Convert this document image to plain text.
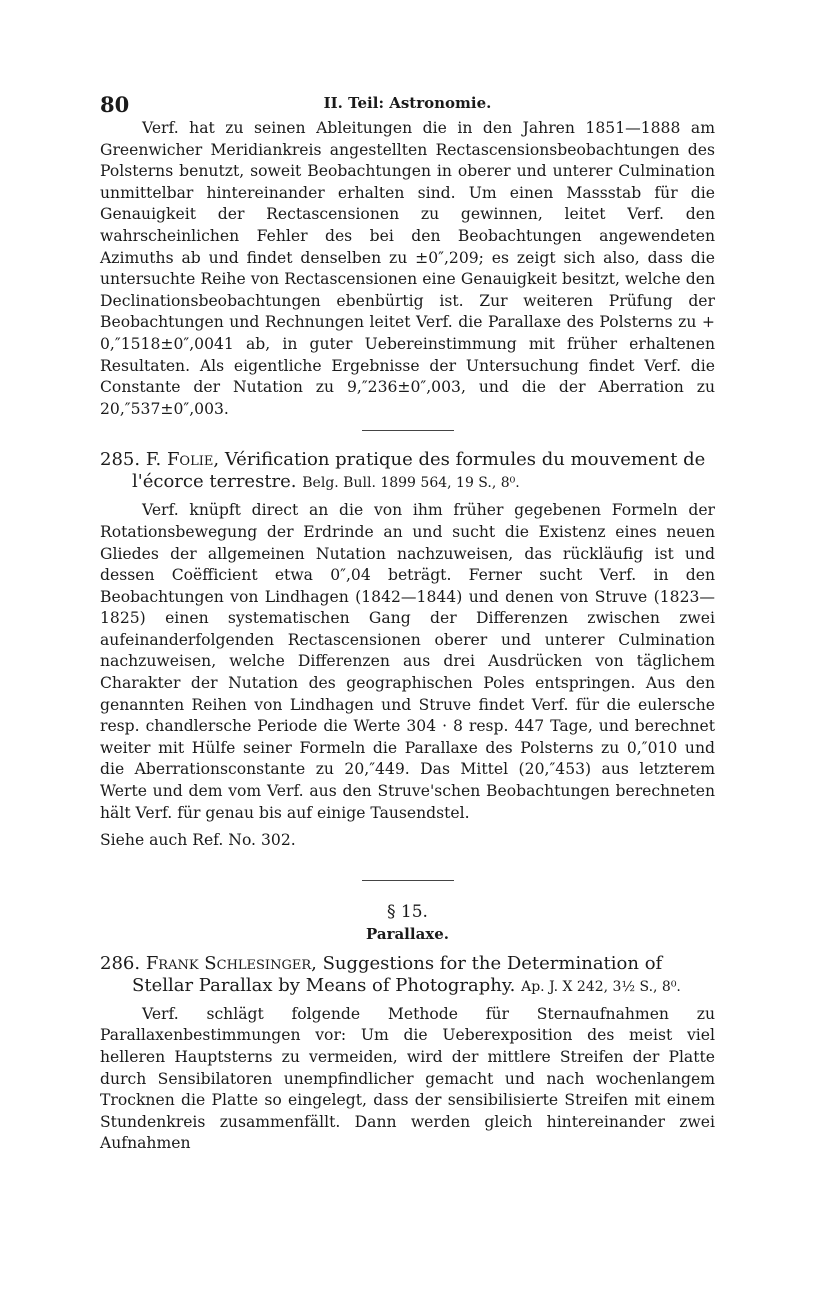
80	II. Teil: Astronomie.

Verf. hat zu seinen Ableitungen die in den Jahren 1851—1888 am Greenwicher Meridiankreis angestellten Rectascensionsbeobachtungen des Polsterns benutzt, soweit Beobachtungen in oberer und unterer Culmination unmittelbar hintereinander erhalten sind. Um einen Massstab für die Genauigkeit der Rectascensionen zu gewinnen, leitet Verf. den wahrscheinlichen Fehler des bei den Beobachtungen angewendeten Azimuths ab und findet denselben zu ±0″,209; es zeigt sich also, dass die untersuchte Reihe von Rectascensionen eine Genauigkeit besitzt, welche den Declinationsbeobachtungen ebenbürtig ist. Zur weiteren Prüfung der Beobachtungen und Rechnungen leitet Verf. die Parallaxe des Polsterns zu + 0,″1518±0″,0041 ab, in guter Uebereinstimmung mit früher erhaltenen Resultaten. Als eigentliche Ergebnisse der Untersuchung findet Verf. die Constante der Nutation zu 9,″236±0″,003, und die der Aberration zu 20,″537±0″,003.

285. F. Folie, Vérification pratique des formules du mouvement de l'écorce terrestre. Belg. Bull. 1899 564, 19 S., 8⁰.

Verf. knüpft direct an die von ihm früher gegebenen Formeln der Rotationsbewegung der Erdrinde an und sucht die Existenz eines neuen Gliedes der allgemeinen Nutation nachzuweisen, das rückläufig ist und dessen Coëfficient etwa 0″,04 beträgt. Ferner sucht Verf. in den Beobachtungen von Lindhagen (1842—1844) und denen von Struve (1823—1825) einen systematischen Gang der Differenzen zwischen zwei aufeinanderfolgenden Rectascensionen oberer und unterer Culmination nachzuweisen, welche Differenzen aus drei Ausdrücken von täglichem Charakter der Nutation des geographischen Poles entspringen. Aus den genannten Reihen von Lindhagen und Struve findet Verf. für die eulersche resp. chandlersche Periode die Werte 304 · 8 resp. 447 Tage, und berechnet weiter mit Hülfe seiner Formeln die Parallaxe des Polsterns zu 0,″010 und die Aberrationsconstante zu 20,″449. Das Mittel (20,″453) aus letzterem Werte und dem vom Verf. aus den Struve'schen Beobachtungen berechneten hält Verf. für genau bis auf einige Tausendstel.

Siehe auch Ref. No. 302.

§ 15.
Parallaxe.

286. Frank Schlesinger, Suggestions for the Determination of Stellar Parallax by Means of Photography. Ap. J. X 242, 3½ S., 8⁰.

Verf. schlägt folgende Methode für Sternaufnahmen zu Parallaxenbestimmungen vor: Um die Ueberexposition des meist viel helleren Hauptsterns zu vermeiden, wird der mittlere Streifen der Platte durch Sensibilatoren unempfindlicher gemacht und nach wochenlangem Trocknen die Platte so eingelegt, dass der sensibilisierte Streifen mit einem Stundenkreis zusammenfällt. Dann werden gleich hintereinander zwei Aufnahmen
